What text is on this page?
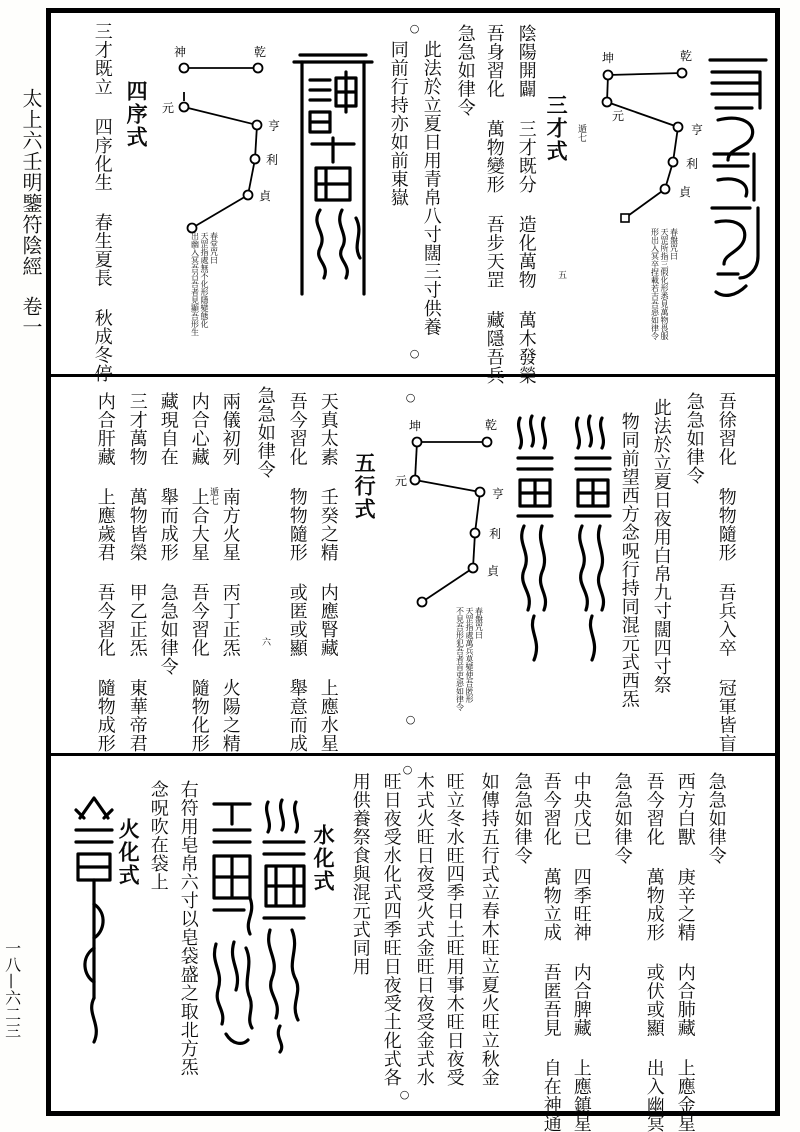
太上六壬明鑒符陰經
卷一
一八—六二三
坤	乾
元
亨
利
貞
春盤咒曰
天罡所指三假化形悉見萬物畏服
形出入冥卒捏載若吉吾惡如律令
三才式 遁七
五
陰陽開闢 三才既分 造化萬物 萬木發榮
吾身習化 萬物變形 吾步天罡 藏隱吾兵
急急如律令
○
此法於立夏日用青帛八寸闊三寸供養
○
同前行持亦如前東嶽
神	乾
元
亨
利
貞
春堂咒曰
天罡指處無不化形隱變態化
出幽入冥吾召吾者見顯吾形生
四序式
三才既立 四序化生 春生夏長 秋成冬停
吾徐習化 物物隨形 吾兵入卒 冠軍皆盲
急急如律令
此法於立夏日夜用白帛九寸闊四寸祭
物同前望西方念呪行持同混元式西炁
○
坤	乾
元
亨
利
貞
春盤咒曰
天罡指處萬兵莫變使吾匿形
不見吾形犯吾者首吏惡如律令
○
五行式
天真太素 壬癸之精 内應腎藏 上應水星
吾今習化 物物隨形 或匿或顯 舉意而成
急急如律令
兩儀初列 南方火星 丙丁正炁 火陽之精
遁七
六
内合心藏 上合大星 吾今習化 隨物化形
藏現自在 舉而成形 急急如律令
三才萬物 萬物皆榮 甲乙正炁 東華帝君
内合肝藏 上應歲君 吾今習化 隨物成形
急急如律令
西方白獸 庚辛之精 内合肺藏 上應金星
吾今習化 萬物成形 或伏或顯 出入幽冥
急急如律令
中央戊已 四季旺神 内合脾藏 上應鎮星
吾今習化 萬物立成 吾匿吾見 自在神通
急急如律令
如傳持五行式立春木旺立夏火旺立秋金
旺立冬水旺四季日土旺用事木旺日夜受
木式火旺日夜受火式金旺日夜受金式水
○
旺日夜受水化式四季旺日夜受土化式各
○
用供養祭食與混元式同用
水化式
右符用皂帛六寸以皂袋盛之取北方炁
念呪吹在袋上
火化式
